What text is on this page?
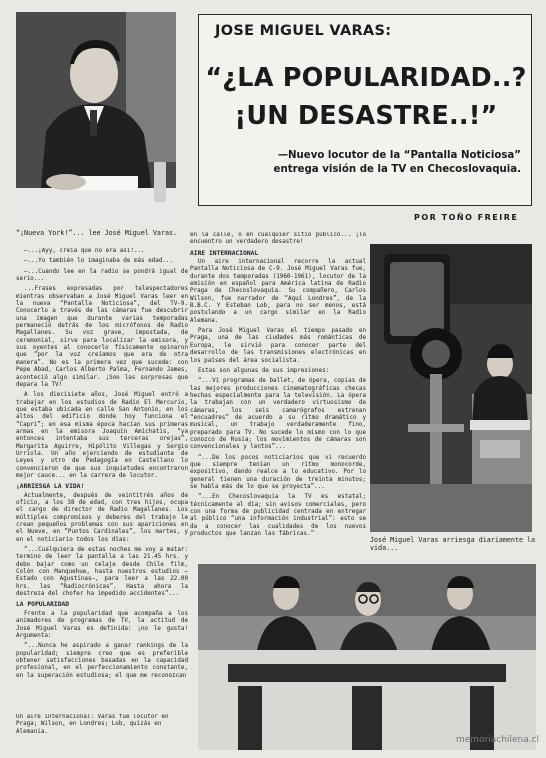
“¡Nueva York!”... lee José Miguel Varas.
JOSE MIGUEL VARAS:
“¿LA POPULARIDAD..?
¡UN DESASTRE..!”
—Nuevo locutor de la “Pantalla Noticiosa” entrega visión de la TV en Checoslovaquia.
POR TOÑO FREIRE

—...¡Ayy, creía que no era así!...

—...Yo también lo imaginaba de más edad...

—...Cuando lee en la radio se pondrá igual de serio...

...Frases expresadas por telespectadores mientras observaban a José Miguel Varas leer en la nueva “Pantalla Noticiosa”, del TV-9. Conocerlo a través de las cámaras fue descubrir una imagen que durante varias temporadas permaneció detrás de los micrófonos de Radio Magallanes. Su voz grave, impostada, de ceremonial, sirve para localizar la emisora, y sus oyentes al conocerlo físicamente opinaron que “por la voz creíamos que era de otra manera”. No es la primera vez que sucede: con Pepe Abad, Carlos Alberto Palma, Fernando James, aconteció algo similar. ¡Son las sorpresas que depara la TV!

A los diecisiete años, José Miguel entró a trabajar en los estudios de Radio El Mercurio, que estaba ubicada en calle San Antonio, en los altos del edificio donde hoy funciona el “Capri”; en esa misma época hacían sus primeras armas en la emisora Joaquín Amichatis, “ya entonces intentaba sus terceras orejas”, Margarita Aguirre, Hipólito Villegas y Sergio Urriola. Un año ejerciendo de estudiante de Leyes y otro de Pedagogía en Castellano lo convencieron de que sus inquietudes encontraron mejor cauce... en la carrera de locutor.

¡ARRIESGA LA VIDA!

Actualmente, después de veintitrés años de oficio, a los 38 de edad, con tres hijos, ocupa el cargo de director de Radio Magallanes. Los múltiples compromisos y deberes del trabajo le crean pequeños problemas con sus apariciones en el Nueve, en “Puntos Cardinales”, los martes, y en el noticiario todos los días:

“...Cualquiera de estas noches me voy a matar: termino de leer la pantalla a las 21.45 hrs. y debo bajar como un celaje desde Chile film, Colón con Manquehue, hasta nuestros estudios —Estado con Agustinas—, para leer a las 22.00 hrs. las “Radiocrónicas”. Hasta ahora la destreza del chofer ha impedido accidentes”...

LA POPULARIDAD

Frente a la popularidad que acompaña a los animadores de programas de TV, la actitud de José Miguel Varas es definida: ¡no le gusta! Argumenta:

“...Nunca he aspirado a ganar rankings de la popularidad; siempre creo que es preferible obtener satisfacciones basadas en la capacidad profesional, en el perfeccionamiento constante, en la superación estudiosa; el que me reconozcan

Un aire internacional: Varas fue locutor en Praga; Wilson, en Londres; Lob, quizás en Alemania.

en la calle, o en cualquier sitio público... ¡lo encuentro un verdadero desastre!

AIRE INTERNACIONAL

Un aire internacional recorre la actual Pantalla Noticiosa de C-9. José Miguel Varas fue, durante dos temporadas (1960-1961), locutor de la emisión en español para América latina de Radio Praga de Checoslovaquia. Su compañero, Carlos Wilson, fue narrador de “Aquí Londres”, de la B.B.C. Y Esteban Lob, para no ser menos, está postulando a un cargo similar en la Radio Alemana.

Para José Miguel Varas el tiempo pasado en Praga, una de las ciudades más románticas de Europa, le sirvió para conocer parte del desarrollo de las transmisiones electrónicas en los países del área socialista.

Estas son algunas de sus impresiones:

“...Vi programas de ballet, de ópera, copias de las mejores producciones cinematográficas checas hechas especialmente para la televisión. La ópera la trabajan con un verdadero virtuosismo de cámaras, los seis camarógrafos estrenan “encuadres” de acuerdo a su ritmo dramático y musical, un trabajo verdaderamente fino, preparado para TV. No sucede lo mismo con lo que conozco de Rusia; los movimientos de cámaras son convencionales y lentos”...

“...De los pocos noticiarios que vi recuerdo que siempre tenían un ritmo monocorde, expositivo, dando realce a lo educativo. Por lo general tienen una duración de treinta minutos; se habla más de lo que se proyecta”...

“...En Checoslovaquia la TV es estatal; técnicamente al día; sin avisos comerciales, pero con una forma de publicidad centrada en entregar al público “una información industrial”: esto se da a conocer las cualidades de los nuevos productos que lanzan las fábricas.”

José Miguel Varas arriesga diariamente la vida...
memoriachilena.cl
